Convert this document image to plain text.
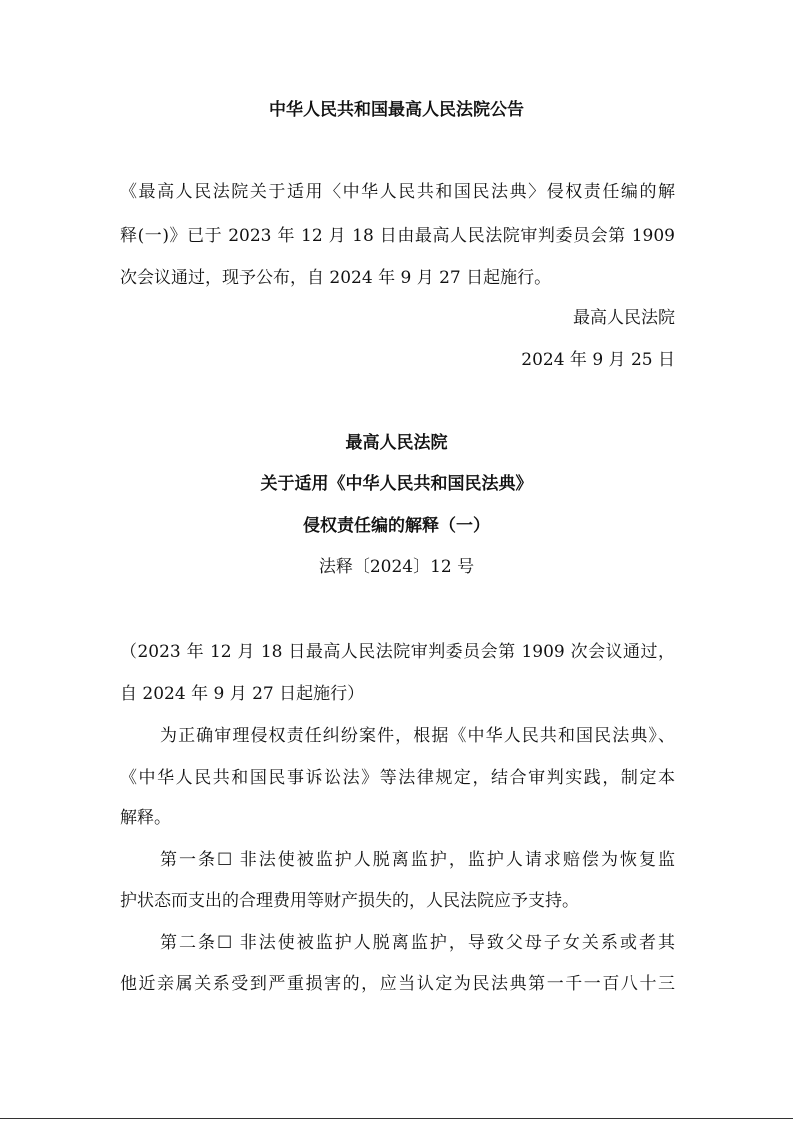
中华人民共和国最高人民法院公告
《最高人民法院关于适用〈中华人民共和国民法典〉侵权责任编的解
释(一)》已于 2023 年 12 月 18 日由最高人民法院审判委员会第 1909
次会议通过，现予公布，自 2024 年 9 月 27 日起施行。
最高人民法院
2024 年 9 月 25 日
最高人民法院
关于适用《中华人民共和国民法典》
侵权责任编的解释（一）
法释〔2024〕12 号
（2023 年 12 月 18 日最高人民法院审判委员会第 1909 次会议通过，
自 2024 年 9 月 27 日起施行）
为正确审理侵权责任纠纷案件，根据《中华人民共和国民法典》、
《中华人民共和国民事诉讼法》等法律规定，结合审判实践，制定本
解释。
第一条☐ 非法使被监护人脱离监护，监护人请求赔偿为恢复监
护状态而支出的合理费用等财产损失的，人民法院应予支持。
第二条☐ 非法使被监护人脱离监护，导致父母子女关系或者其
他近亲属关系受到严重损害的，应当认定为民法典第一千一百八十三
